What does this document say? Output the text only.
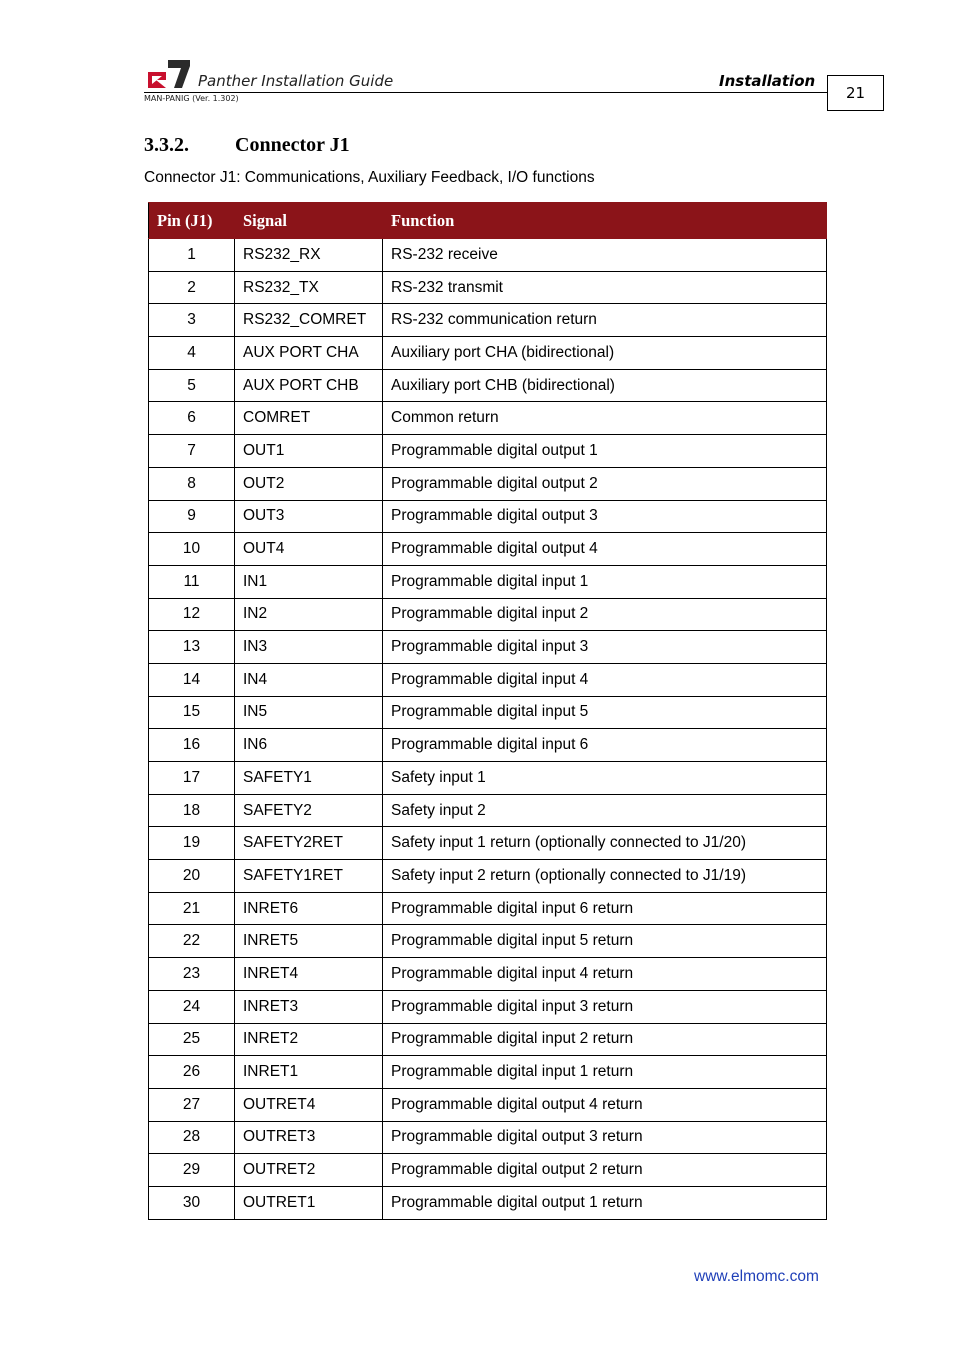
Panther Installation Guide
MAN-PANIG (Ver. 1.302)
Installation
21
3.3.2. Connector J1
Connector J1: Communications, Auxiliary Feedback, I/O functions
Pin (J1)	Signal	Function
1	RS232_RX	RS-232 receive
2	RS232_TX	RS-232 transmit
3	RS232_COMRET	RS-232 communication return
4	AUX PORT CHA	Auxiliary port CHA (bidirectional)
5	AUX PORT CHB	Auxiliary port CHB (bidirectional)
6	COMRET	Common return
7	OUT1	Programmable digital output 1
8	OUT2	Programmable digital output 2
9	OUT3	Programmable digital output 3
10	OUT4	Programmable digital output 4
11	IN1	Programmable digital input 1
12	IN2	Programmable digital input 2
13	IN3	Programmable digital input 3
14	IN4	Programmable digital input 4
15	IN5	Programmable digital input 5
16	IN6	Programmable digital input 6
17	SAFETY1	Safety input 1
18	SAFETY2	Safety input 2
19	SAFETY2RET	Safety input 1 return (optionally connected to J1/20)
20	SAFETY1RET	Safety input 2 return (optionally connected to J1/19)
21	INRET6	Programmable digital input 6 return
22	INRET5	Programmable digital input 5 return
23	INRET4	Programmable digital input 4 return
24	INRET3	Programmable digital input 3 return
25	INRET2	Programmable digital input 2 return
26	INRET1	Programmable digital input 1 return
27	OUTRET4	Programmable digital output 4 return
28	OUTRET3	Programmable digital output 3 return
29	OUTRET2	Programmable digital output 2 return
30	OUTRET1	Programmable digital output 1 return
www.elmomc.com
